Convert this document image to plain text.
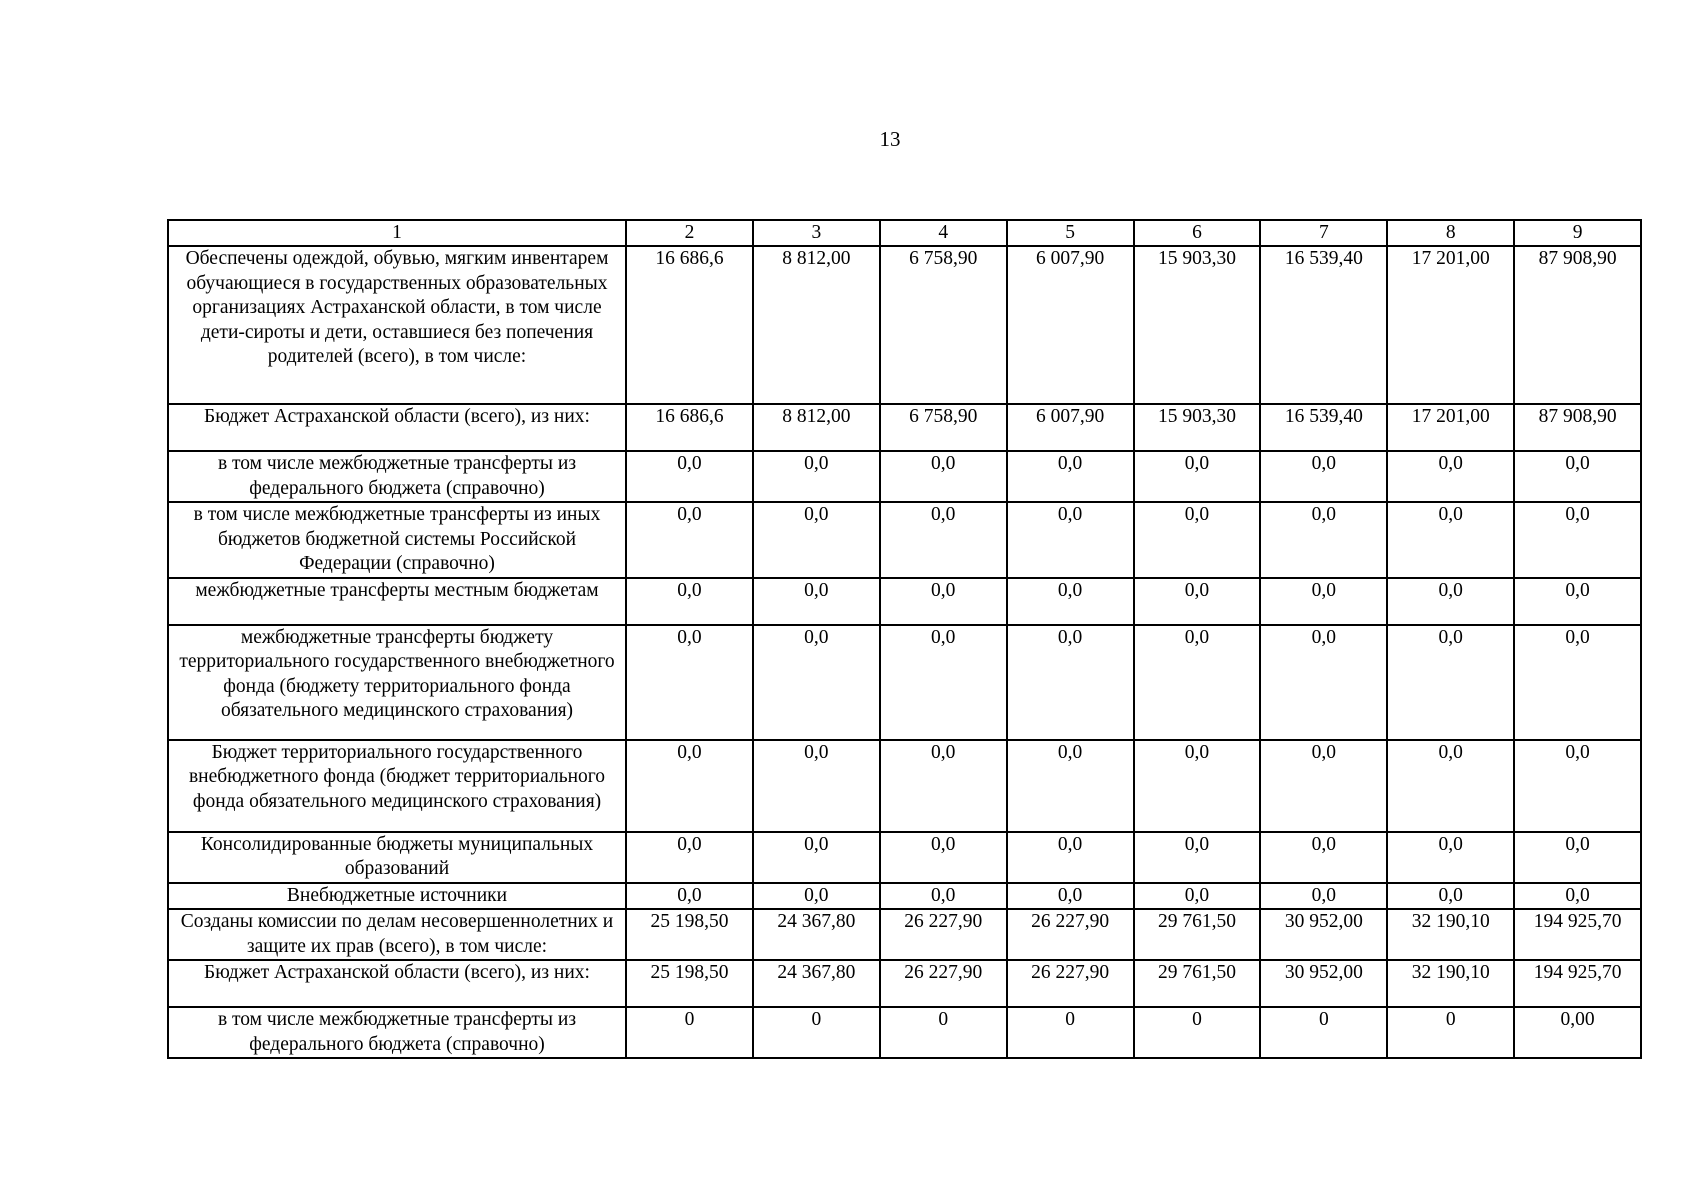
13
1	2	3	4	5	6	7	8	9
Обеспечены одеждой, обувью, мягким инвентарем обучающиеся в государственных образовательных организациях Астраханской области, в том числе дети-сироты и дети, оставшиеся без попечения родителей (всего), в том числе:	16 686,6	8 812,00	6 758,90	6 007,90	15 903,30	16 539,40	17 201,00	87 908,90
Бюджет Астраханской области (всего), из них:	16 686,6	8 812,00	6 758,90	6 007,90	15 903,30	16 539,40	17 201,00	87 908,90
в том числе межбюджетные трансферты из федерального бюджета (справочно)	0,0	0,0	0,0	0,0	0,0	0,0	0,0	0,0
в том числе межбюджетные трансферты из иных бюджетов бюджетной системы Российской Федерации (справочно)	0,0	0,0	0,0	0,0	0,0	0,0	0,0	0,0
межбюджетные трансферты местным бюджетам	0,0	0,0	0,0	0,0	0,0	0,0	0,0	0,0
межбюджетные трансферты бюджету территориального государственного внебюджетного фонда (бюджету территориального фонда обязательного медицинского страхования)	0,0	0,0	0,0	0,0	0,0	0,0	0,0	0,0
Бюджет территориального государственного внебюджетного фонда (бюджет территориального фонда обязательного медицинского страхования)	0,0	0,0	0,0	0,0	0,0	0,0	0,0	0,0
Консолидированные бюджеты муниципальных образований	0,0	0,0	0,0	0,0	0,0	0,0	0,0	0,0
Внебюджетные источники	0,0	0,0	0,0	0,0	0,0	0,0	0,0	0,0
Созданы комиссии по делам несовершеннолетних и защите их прав (всего), в том числе:	25 198,50	24 367,80	26 227,90	26 227,90	29 761,50	30 952,00	32 190,10	194 925,70
Бюджет Астраханской области (всего), из них:	25 198,50	24 367,80	26 227,90	26 227,90	29 761,50	30 952,00	32 190,10	194 925,70
в том числе межбюджетные трансферты из федерального бюджета (справочно)	0	0	0	0	0	0	0	0,00
